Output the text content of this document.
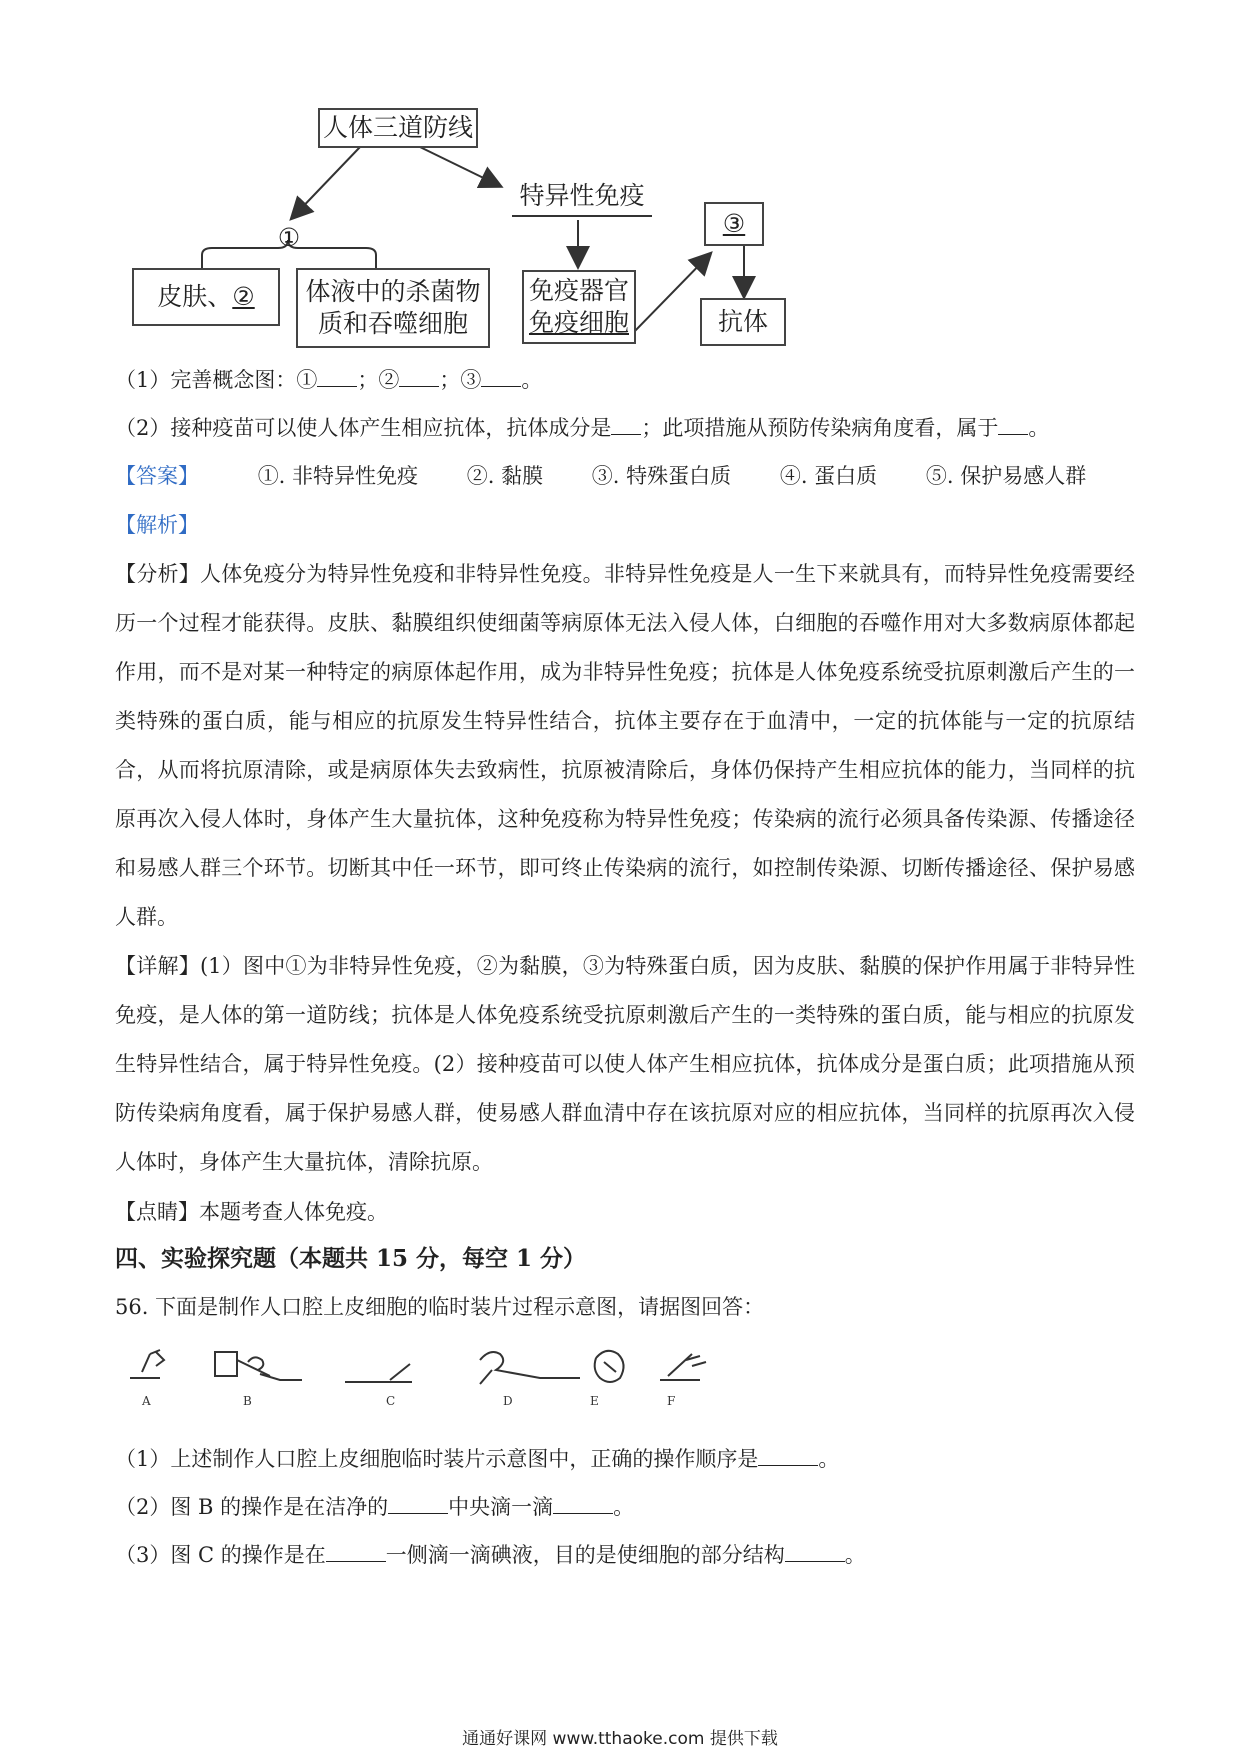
人体三道防线
特异性免疫
①	③
皮肤、 ② 体液中的杀菌物
质和吞噬细胞
免疫器官
免疫细胞	抗体
（1）完善概念图：① ；② ；③ 。
（2）接种疫苗可以使人体产生相应抗体，抗体成分是 ；此项措施从预防传染病角度看，属于 。
【答案】	①. 非特异性免疫 ②. 黏膜 ③. 特殊蛋白质 ④. 蛋白质 ⑤. 保护易感人群
【解析】
【分析】人体免疫分为特异性免疫和非特异性免疫。非特异性免疫是人一生下来就具有，而特异性免疫需要经历一个过程才能获得。皮肤、黏膜组织使细菌等病原体无法入侵人体，白细胞的吞噬作用对大多数病原体都起作用，而不是对某一种特定的病原体起作用，成为非特异性免疫；抗体是人体免疫系统受抗原刺激后产生的一类特殊的蛋白质，能与相应的抗原发生特异性结合，抗体主要存在于血清中，一定的抗体能与一定的抗原结合，从而将抗原清除，或是病原体失去致病性，抗原被清除后，身体仍保持产生相应抗体的能力，当同样的抗原再次入侵人体时，身体产生大量抗体，这种免疫称为特异性免疫；传染病的流行必须具备传染源、传播途径和易感人群三个环节。切断其中任一环节，即可终止传染病的流行，如控制传染源、切断传播途径、保护易感人群。
【详解】(1）图中①为非特异性免疫，②为黏膜，③为特殊蛋白质，因为皮肤、黏膜的保护作用属于非特异性免疫，是人体的第一道防线；抗体是人体免疫系统受抗原刺激后产生的一类特殊的蛋白质，能与相应的抗原发生特异性结合，属于特异性免疫。(2）接种疫苗可以使人体产生相应抗体，抗体成分是蛋白质；此项措施从预防传染病角度看，属于保护易感人群，使易感人群血清中存在该抗原对应的相应抗体，当同样的抗原再次入侵人体时，身体产生大量抗体，清除抗原。
【点睛】本题考查人体免疫。
四、实验探究题（本题共 15 分，每空 1 分）
56. 下面是制作人口腔上皮细胞的临时装片过程示意图，请据图回答：
A	B	C	D	E	F
（1）上述制作人口腔上皮细胞临时装片示意图中，正确的操作顺序是	。
（2）图 B 的操作是在洁净的	中央滴一滴	。
（3）图 C 的操作是在	一侧滴一滴碘液，目的是使细胞的部分结构	。
通通好课网 www.tthaoke.com 提供下载
